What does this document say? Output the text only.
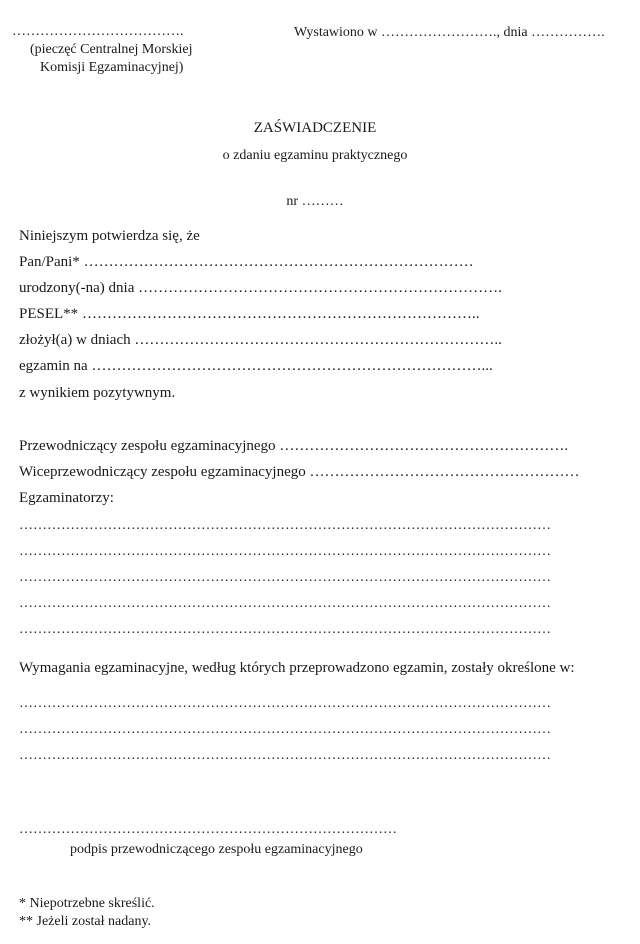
……………………………….
(pieczęć Centralnej Morskiej
Komisji Egzaminacyjnej)
Wystawiono w ……………………., dnia …………….
ZAŚWIADCZENIE
o zdaniu egzaminu praktycznego
nr ………
Niniejszym potwierdza się, że
Pan/Pani* ……………………………………………………………………
urodzony(-na) dnia ……………………………………………………………….
PESEL** ……………………………………………………………………..
złożył(a) w dniach ………………………………………………………………..
egzamin na ……………………………………………………………………...
z wynikiem pozytywnym.
Przewodniczący zespołu egzaminacyjnego ………………………………………………….
Wiceprzewodniczący zespołu egzaminacyjnego ………………………………………………
Egzaminatorzy:
……………………………………………………………………………………………………
……………………………………………………………………………………………………
……………………………………………………………………………………………………
……………………………………………………………………………………………………
……………………………………………………………………………………………………
Wymagania egzaminacyjne, według których przeprowadzono egzamin, zostały określone w:
……………………………………………………………………………………………………
……………………………………………………………………………………………………
……………………………………………………………………………………………………
………………………………………………………………………
podpis przewodniczącego zespołu egzaminacyjnego
* Niepotrzebne skreślić.
** Jeżeli został nadany.
